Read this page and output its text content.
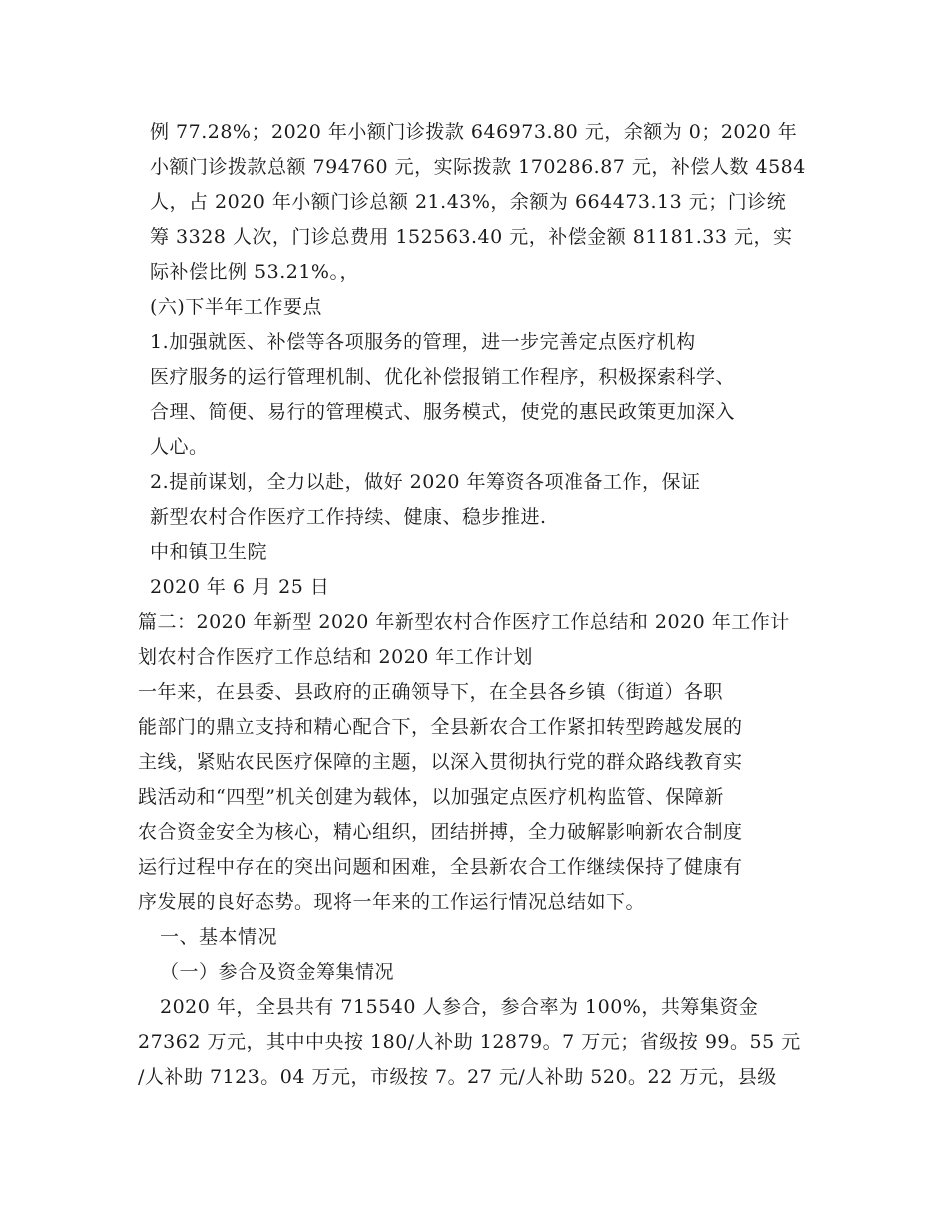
例 77.28%；2020 年小额门诊拨款 646973.80 元，余额为 0；2020 年

小额门诊拨款总额 794760 元，实际拨款 170286.87 元，补偿人数 4584

人，占 2020 年小额门诊总额 21.43%，余额为 664473.13 元；门诊统

筹 3328 人次，门诊总费用 152563.40 元，补偿金额 81181.33 元，实

际补偿比例 53.21%。，

(六)下半年工作要点

1.加强就医、补偿等各项服务的管理，进一步完善定点医疗机构

医疗服务的运行管理机制、优化补偿报销工作程序，积极探索科学、

合理、简便、易行的管理模式、服务模式，使党的惠民政策更加深入

人心。

2.提前谋划，全力以赴，做好 2020 年筹资各项准备工作，保证

新型农村合作医疗工作持续、健康、稳步推进.

中和镇卫生院

2020 年 6 月 25 日

篇二：2020 年新型 2020 年新型农村合作医疗工作总结和 2020 年工作计

划农村合作医疗工作总结和 2020 年工作计划

一年来，在县委、县政府的正确领导下，在全县各乡镇（街道）各职

能部门的鼎立支持和精心配合下，全县新农合工作紧扣转型跨越发展的

主线，紧贴农民医疗保障的主题，以深入贯彻执行党的群众路线教育实

践活动和“四型”机关创建为载体，以加强定点医疗机构监管、保障新

农合资金安全为核心，精心组织，团结拼搏，全力破解影响新农合制度

运行过程中存在的突出问题和困难，全县新农合工作继续保持了健康有

序发展的良好态势。现将一年来的工作运行情况总结如下。

一、基本情况

（一）参合及资金筹集情况

2020 年，全县共有 715540 人参合，参合率为 100%，共筹集资金

27362 万元，其中中央按 180/人补助 12879。7 万元；省级按 99。55 元

/人补助 7123。04 万元，市级按 7。27 元/人补助 520。22 万元，县级
